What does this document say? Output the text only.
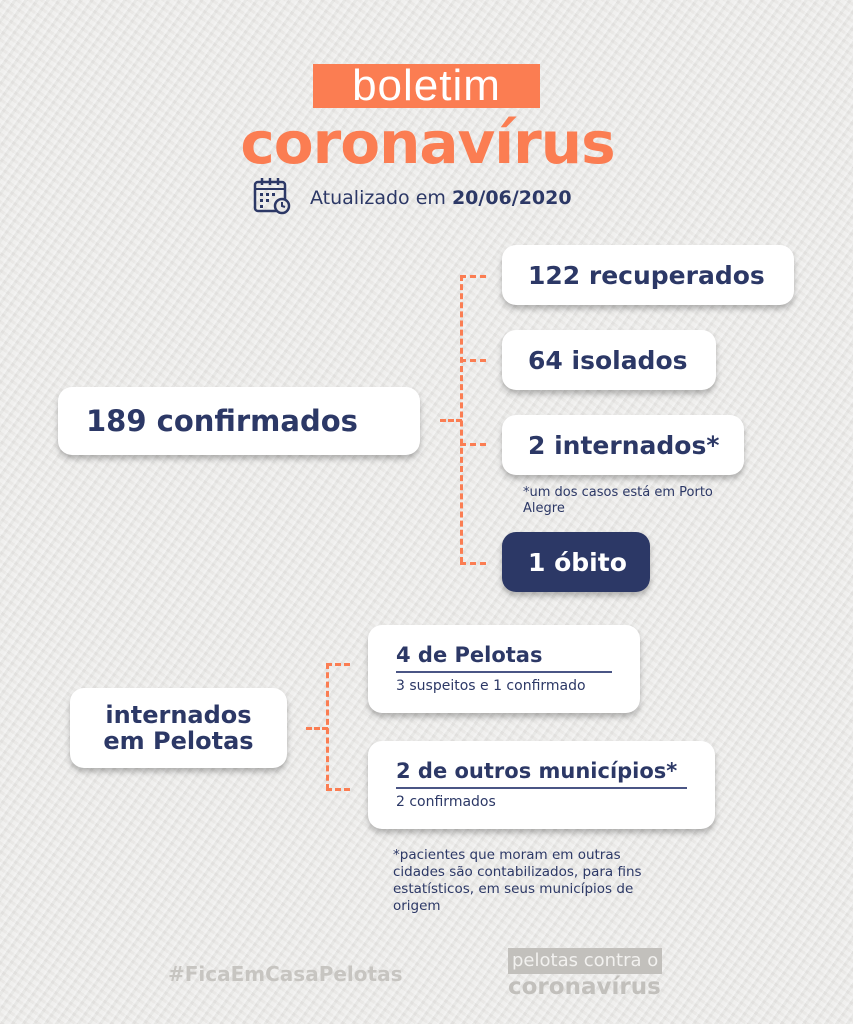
boletim
coronavírus
Atualizado em 20/06/2020
189 confirmados
122 recuperados
64 isolados
2 internados*
*um dos casos está em Porto Alegre
1 óbito
internados
em Pelotas
4 de Pelotas
3 suspeitos e 1 confirmado
2 de outros municípios*
2 confirmados
*pacientes que moram em outras cidades são contabilizados, para fins estatísticos, em seus municípios de origem
#FicaEmCasaPelotas
pelotas contra o
coronavírus
